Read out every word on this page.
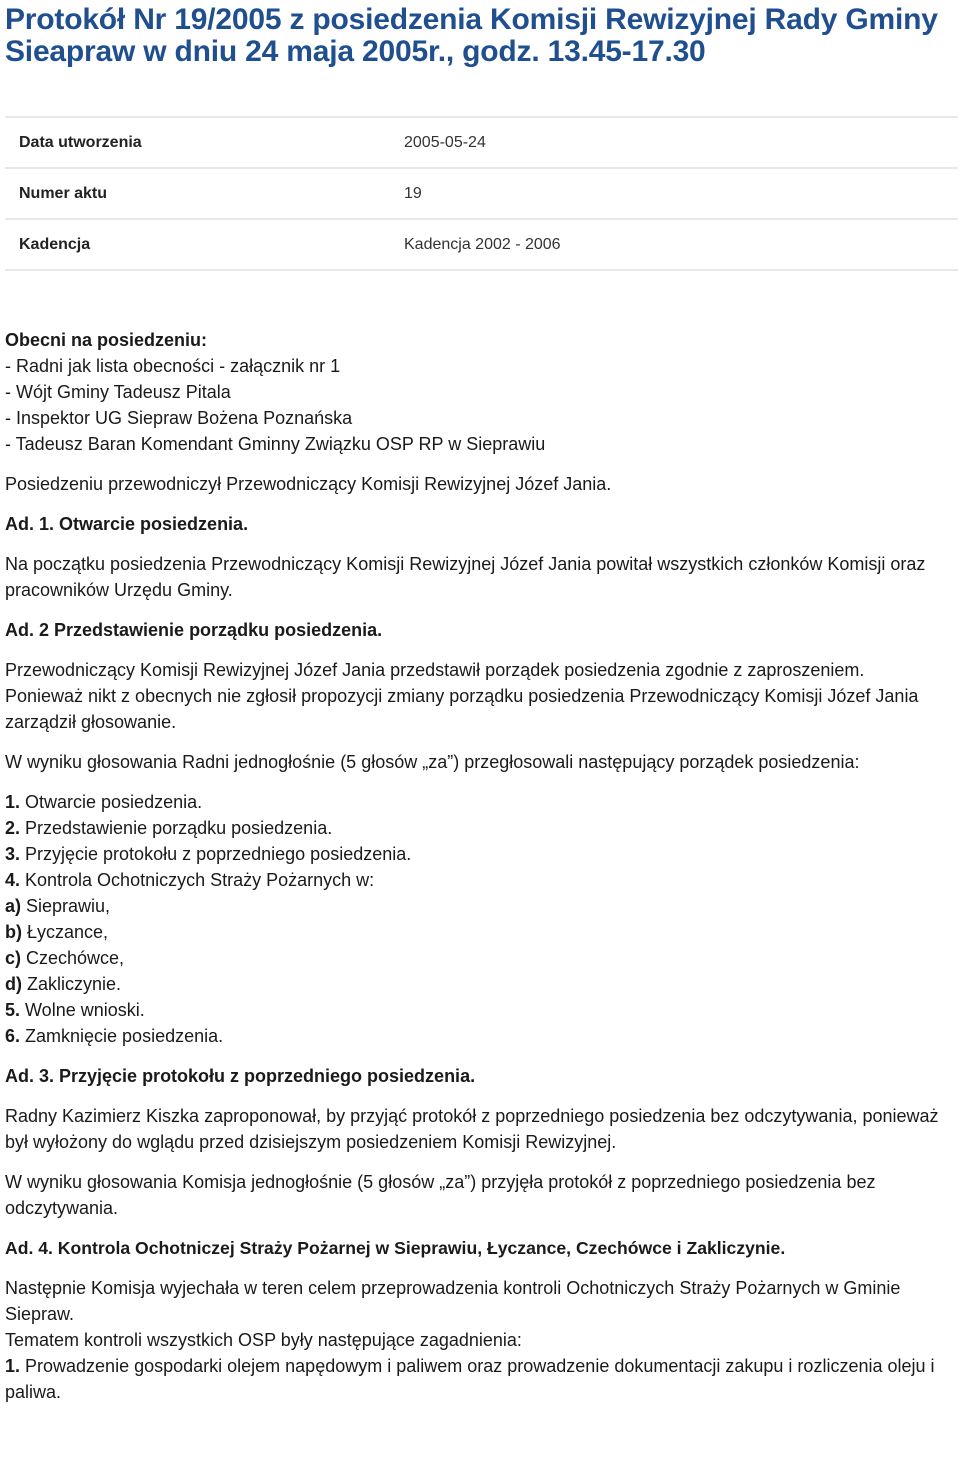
Protokół Nr 19/2005 z posiedzenia Komisji Rewizyjnej Rady Gminy Sieapraw w dniu 24 maja 2005r., godz. 13.45-17.30
Data utworzenia	2005-05-24
Numer aktu	19
Kadencja	Kadencja 2002 - 2006
Obecni na posiedzeniu:
- Radni jak lista obecności - załącznik nr 1
- Wójt Gminy Tadeusz Pitala
- Inspektor UG Siepraw Bożena Poznańska
- Tadeusz Baran Komendant Gminny Związku OSP RP w Sieprawiu

Posiedzeniu przewodniczył Przewodniczący Komisji Rewizyjnej Józef Jania.

Ad. 1. Otwarcie posiedzenia.

Na początku posiedzenia Przewodniczący Komisji Rewizyjnej Józef Jania powitał wszystkich członków Komisji oraz pracowników Urzędu Gminy.

Ad. 2 Przedstawienie porządku posiedzenia.

Przewodniczący Komisji Rewizyjnej Józef Jania przedstawił porządek posiedzenia zgodnie z zaproszeniem.

Ponieważ nikt z obecnych nie zgłosił propozycji zmiany porządku posiedzenia Przewodniczący Komisji Józef Jania zarządził głosowanie.

W wyniku głosowania Radni jednogłośnie (5 głosów „za”) przegłosowali następujący porządek posiedzenia:

1. Otwarcie posiedzenia.
2. Przedstawienie porządku posiedzenia.
3. Przyjęcie protokołu z poprzedniego posiedzenia.
4. Kontrola Ochotniczych Straży Pożarnych w:
a) Sieprawiu,
b) Łyczance,
c) Czechówce,
d) Zakliczynie.
5. Wolne wnioski.
6. Zamknięcie posiedzenia.

Ad. 3. Przyjęcie protokołu z poprzedniego posiedzenia.

Radny Kazimierz Kiszka zaproponował, by przyjąć protokół z poprzedniego posiedzenia bez odczytywania, ponieważ był wyłożony do wglądu przed dzisiejszym posiedzeniem Komisji Rewizyjnej.

W wyniku głosowania Komisja jednogłośnie (5 głosów „za”) przyjęła protokół z poprzedniego posiedzenia bez odczytywania.

Ad. 4. Kontrola Ochotniczej Straży Pożarnej w Sieprawiu, Łyczance, Czechówce i Zakliczynie.

Następnie Komisja wyjechała w teren celem przeprowadzenia kontroli Ochotniczych Straży Pożarnych w Gminie Siepraw.

Tematem kontroli wszystkich OSP były następujące zagadnienia:

1. Prowadzenie gospodarki olejem napędowym i paliwem oraz prowadzenie dokumentacji zakupu i rozliczenia oleju i paliwa.
